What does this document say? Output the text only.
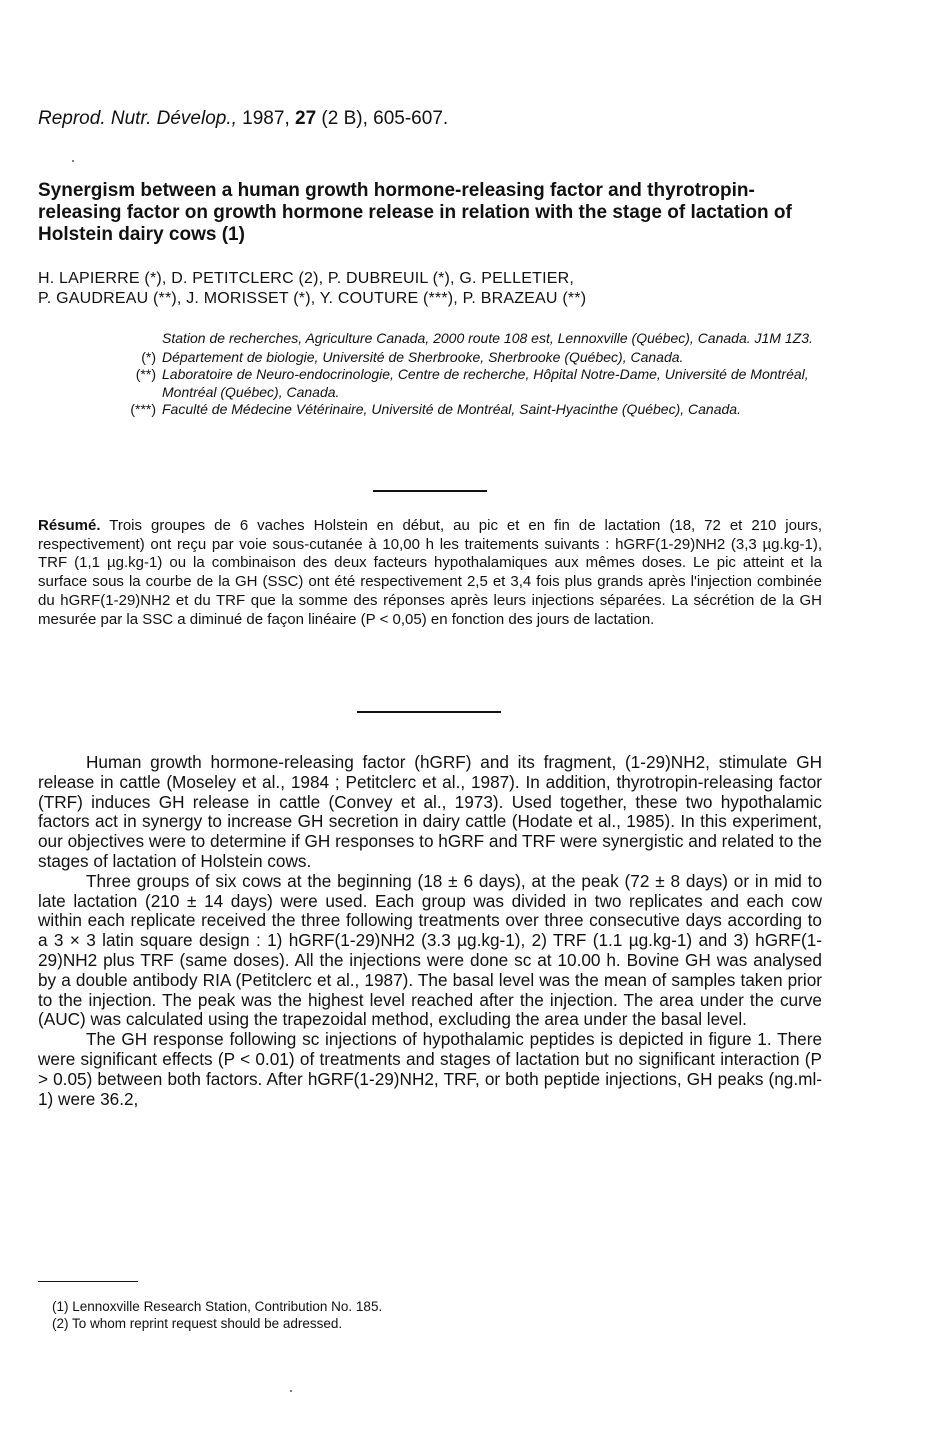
Reprod. Nutr. Dévelop., 1987, 27 (2 B), 605-607.
Synergism between a human growth hormone-releasing factor and thyrotropin-releasing factor on growth hormone release in relation with the stage of lactation of Holstein dairy cows (1)
H. LAPIERRE (*), D. PETITCLERC (2), P. DUBREUIL (*), G. PELLETIER,
P. GAUDREAU (**), J. MORISSET (*), Y. COUTURE (***), P. BRAZEAU (**)
Station de recherches, Agriculture Canada, 2000 route 108 est, Lennoxville (Québec), Canada. J1M 1Z3.
(*) Département de biologie, Université de Sherbrooke, Sherbrooke (Québec), Canada.
(**) Laboratoire de Neuro-endocrinologie, Centre de recherche, Hôpital Notre-Dame, Université de Montréal, Montréal (Québec), Canada.
(***) Faculté de Médecine Vétérinaire, Université de Montréal, Saint-Hyacinthe (Québec), Canada.
Résumé. Trois groupes de 6 vaches Holstein en début, au pic et en fin de lactation (18, 72 et 210 jours, respectivement) ont reçu par voie sous-cutanée à 10,00 h les traitements suivants : hGRF(1-29)NH2 (3,3 µg.kg-1), TRF (1,1 µg.kg-1) ou la combinaison des deux facteurs hypothalamiques aux mêmes doses. Le pic atteint et la surface sous la courbe de la GH (SSC) ont été respectivement 2,5 et 3,4 fois plus grands après l'injection combinée du hGRF(1-29)NH2 et du TRF que la somme des réponses après leurs injections séparées. La sécrétion de la GH mesurée par la SSC a diminué de façon linéaire (P < 0,05) en fonction des jours de lactation.

Human growth hormone-releasing factor (hGRF) and its fragment, (1-29)NH2, stimulate GH release in cattle (Moseley et al., 1984 ; Petitclerc et al., 1987). In addition, thyrotropin-releasing factor (TRF) induces GH release in cattle (Convey et al., 1973). Used together, these two hypothalamic factors act in synergy to increase GH secretion in dairy cattle (Hodate et al., 1985). In this experiment, our objectives were to determine if GH responses to hGRF and TRF were synergistic and related to the stages of lactation of Holstein cows.

Three groups of six cows at the beginning (18 ± 6 days), at the peak (72 ± 8 days) or in mid to late lactation (210 ± 14 days) were used. Each group was divided in two replicates and each cow within each replicate received the three following treatments over three consecutive days according to a 3 × 3 latin square design : 1) hGRF(1-29)NH2 (3.3 µg.kg-1), 2) TRF (1.1 µg.kg-1) and 3) hGRF(1-29)NH2 plus TRF (same doses). All the injections were done sc at 10.00 h. Bovine GH was analysed by a double antibody RIA (Petitclerc et al., 1987). The basal level was the mean of samples taken prior to the injection. The peak was the highest level reached after the injection. The area under the curve (AUC) was calculated using the trapezoidal method, excluding the area under the basal level.

The GH response following sc injections of hypothalamic peptides is depicted in figure 1. There were significant effects (P < 0.01) of treatments and stages of lactation but no significant interaction (P > 0.05) between both factors. After hGRF(1-29)NH2, TRF, or both peptide injections, GH peaks (ng.ml-1) were 36.2,

(1) Lennoxville Research Station, Contribution No. 185.
(2) To whom reprint request should be adressed.
